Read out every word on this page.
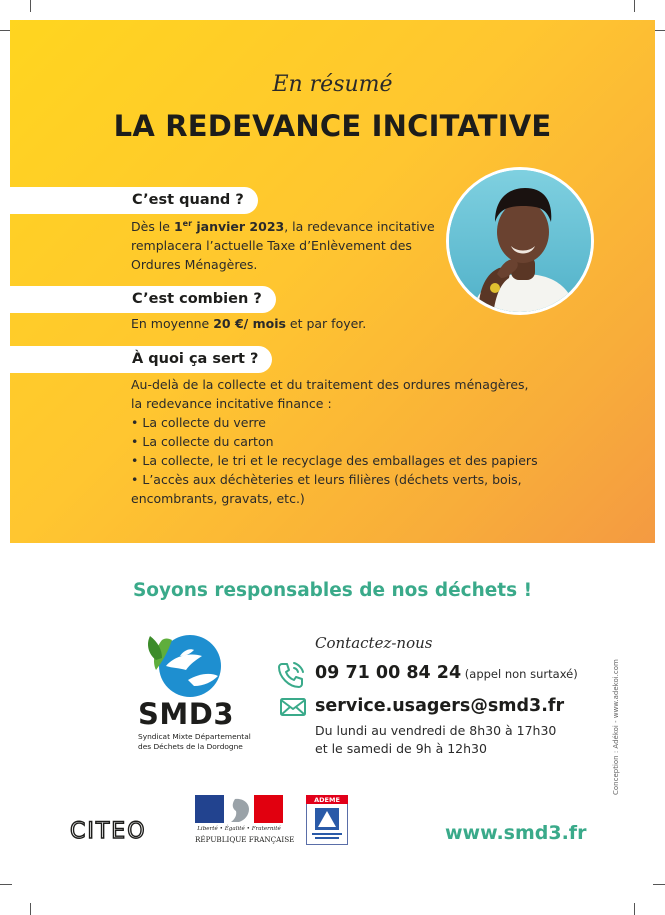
En résumé
LA REDEVANCE INCITATIVE
C’est quand ?
Dès le 1er janvier 2023, la redevance incitative
remplacera l’actuelle Taxe d’Enlèvement des
Ordures Ménagères.
C’est combien ?
En moyenne 20 €/ mois et par foyer.
À quoi ça sert ?
Au-delà de la collecte et du traitement des ordures ménagères,
la redevance incitative finance :
• La collecte du verre
• La collecte du carton
• La collecte, le tri et le recyclage des emballages et des papiers
• L’accès aux déchèteries et leurs filières (déchets verts, bois,
encombrants, gravats, etc.)
Soyons responsables de nos déchets !
Conception : Adékoi - www.adekoi.com
SMD3
Syndicat Mixte Départemental
des Déchets de la Dordogne
Contactez-nous
09 71 00 84 24 (appel non surtaxé)
service.usagers@smd3.fr
Du lundi au vendredi de 8h30 à 17h30
et le samedi de 9h à 12h30
CITEO	Liberté • Égalité • Fraternité
RÉPUBLIQUE FRANÇAISE
ADEME
www.smd3.fr
